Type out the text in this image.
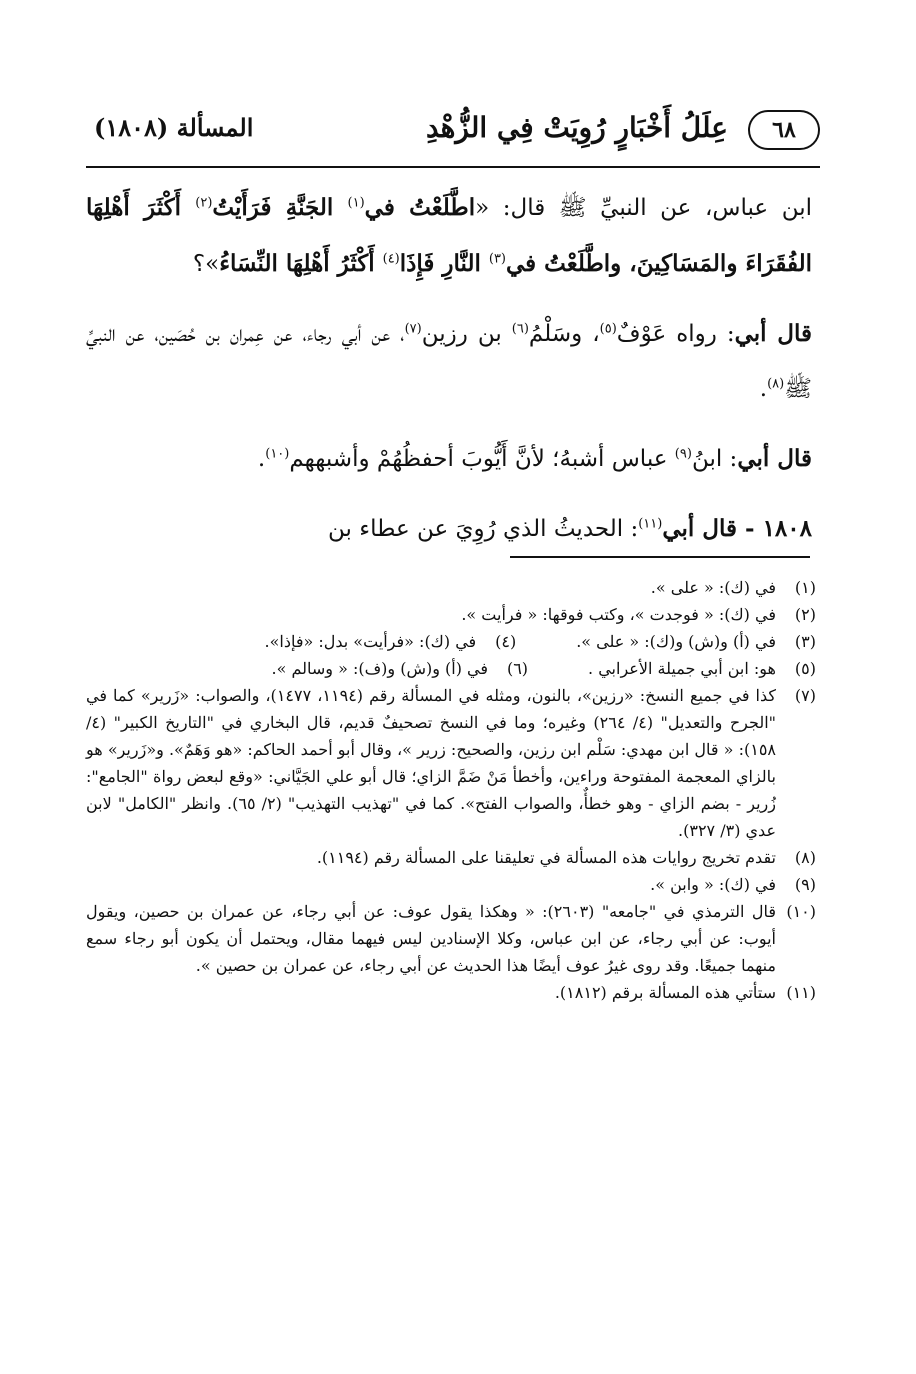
٦٨
عِلَلُ أَخْبَارٍ رُوِيَتْ فِي الزُّهْدِ
المسألة (١٨٠٨)

ابن عباس، عن النبيِّ ﷺ قال: «اطَّلَعْتُ في$^{(١)}$ الجَنَّةِ فَرَأَيْتُ$^{(٢)}$ أَكْثَرَ أَهْلِهَا الفُقَرَاءَ والمَسَاكِينَ، واطَّلَعْتُ في$^{(٣)}$ النَّارِ فَإِذَا$^{(٤)}$ أَكْثَرُ أَهْلِهَا النِّسَاءُ»؟

قال أبي: رواه عَوْفٌ$^{(٥)}$، وسَلْمُ$^{(٦)}$ بن رزين$^{(٧)}$، عن أبي رجاء، عن عِمران بن حُصَين، عن النبيِّ ﷺ$^{(٨)}$.

قال أبي: ابنُ$^{(٩)}$ عباس أشبهُ؛ لأنَّ أَيُّوبَ أحفظُهُمْ وأشبههم$^{(١٠)}$.

١٨٠٨ - قال أبي$^{(١١)}$: الحديثُ الذي رُوِيَ عن عطاء بن

(١)
في (ك): « على ».
(٢)
في (ك): « فوجدت »، وكتب فوقها: « فرأيت ».
(٣)
في (أ) و(ش) و(ك): « على ».
(٤)
في (ك): «فرأيت» بدل: «فإذا».
(٥)
هو: ابن أبي جميلة الأعرابي .
(٦)
في (أ) و(ش) و(ف): « وسالم ».
(٧)
كذا في جميع النسخ: «رزين»، بالنون، ومثله في المسألة رقم (١١٩٤، ١٤٧٧)، والصواب: «زَرير» كما في "الجرح والتعديل" (٤/ ٢٦٤) وغيره؛ وما في النسخ تصحيفٌ قديم، قال البخاري في "التاريخ الكبير" (٤/ ١٥٨): « قال ابن مهدي: سَلْم ابن رزين، والصحيح: زرير »، وقال أبو أحمد الحاكم: «هو وَهَمٌ». و«زَرير» هو بالزاي المعجمة المفتوحة وراءين، وأخطأ مَنْ ضَمَّ الزاي؛ قال أبو علي الجَيَّاني: «وقع لبعض رواة "الجامع": زُرير - بضم الزاي - وهو خطأٌ، والصواب الفتح». كما في "تهذيب التهذيب" (٢/ ٦٥). وانظر "الكامل" لابن عدي (٣/ ٣٢٧).
(٨)
تقدم تخريج روايات هذه المسألة في تعليقنا على المسألة رقم (١١٩٤).
(٩)
في (ك): « وابن ».
(١٠)
قال الترمذي في "جامعه" (٢٦٠٣): « وهكذا يقول عوف: عن أبي رجاء، عن عمران بن حصين، ويقول أيوب: عن أبي رجاء، عن ابن عباس، وكلا الإسنادين ليس فيهما مقال، ويحتمل أن يكون أبو رجاء سمع منهما جميعًا. وقد روى غيرُ عوف أيضًا هذا الحديث عن أبي رجاء، عن عمران بن حصين ».
(١١)
ستأتي هذه المسألة برقم (١٨١٢).
